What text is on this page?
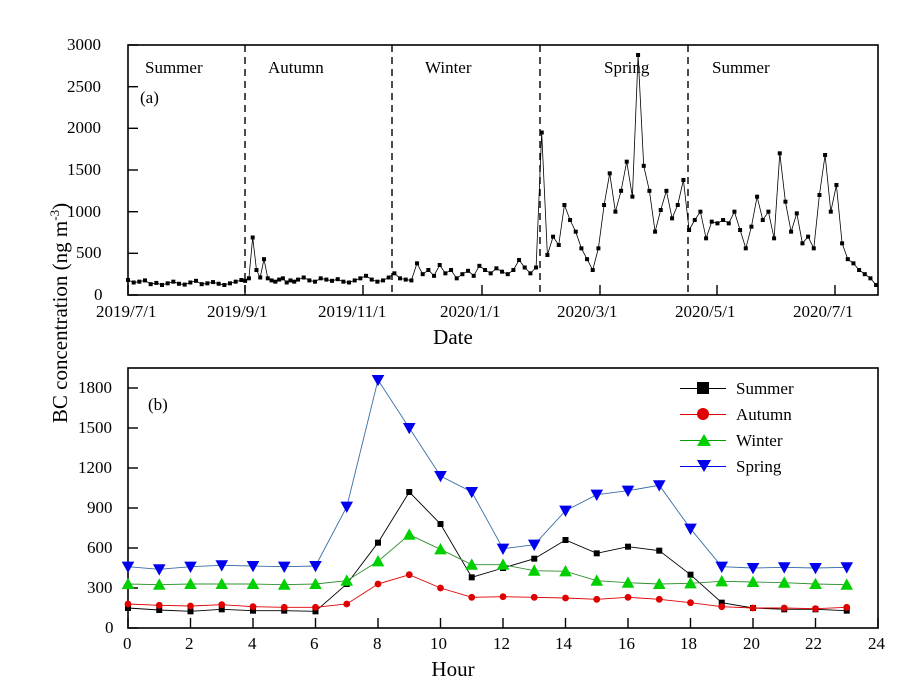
BC concentration (ng $m^{-3}$)
(a)
Summer	Autumn	Winter	Spring	Summer
0
500
1000
1500
2000
2500
3000
2019/7/1	2019/9/1	2019/11/1	2020/1/1	2020/3/1	2020/5/1	2020/7/1
Date
(b)
0
300
600
900
1200
1500
1800
0	2	4	6	8	10	12	14	16	18	20	22	24
Hour
Summer
Autumn
Winter
Spring
